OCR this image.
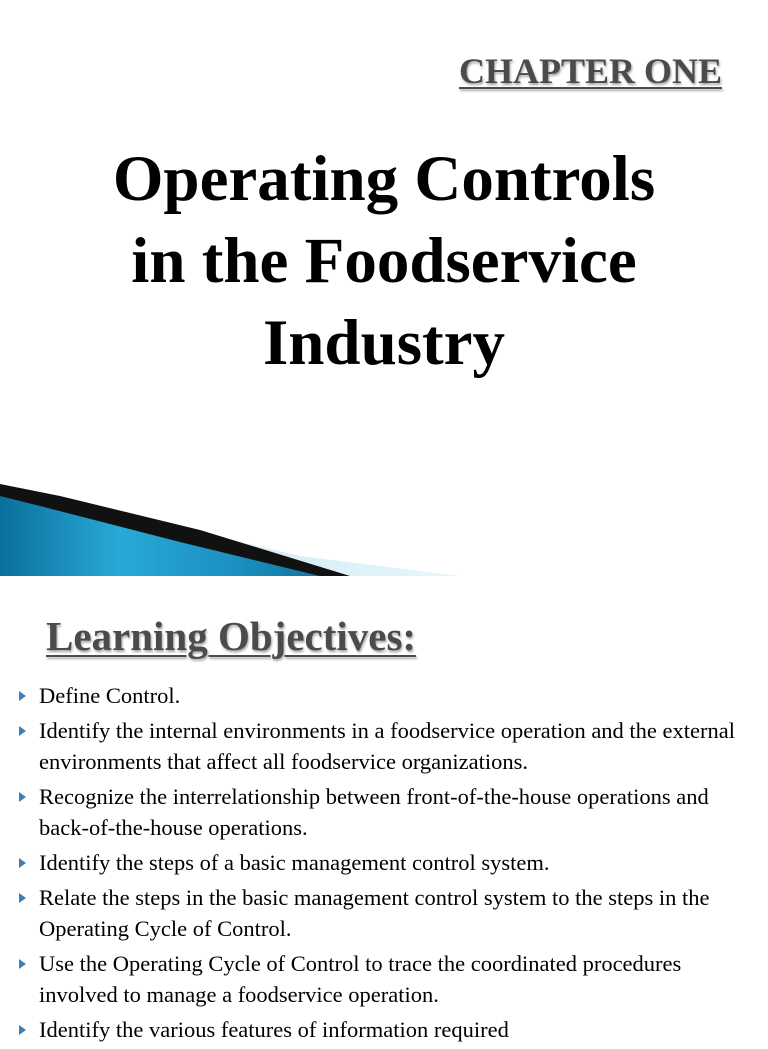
CHAPTER ONE
Operating Controls
in the Foodservice
Industry
Learning Objectives:
Define Control.
Identify the internal environments in a foodservice operation and the external environments that affect all foodservice organizations.
Recognize the interrelationship between front-of-the-house operations and back-of-the-house operations.
Identify the steps of a basic management control system.
Relate the steps in the basic management control system to the steps in the Operating Cycle of Control.
Use the Operating Cycle of Control to trace the coordinated procedures involved to manage a foodservice operation.
Identify the various features of information required
